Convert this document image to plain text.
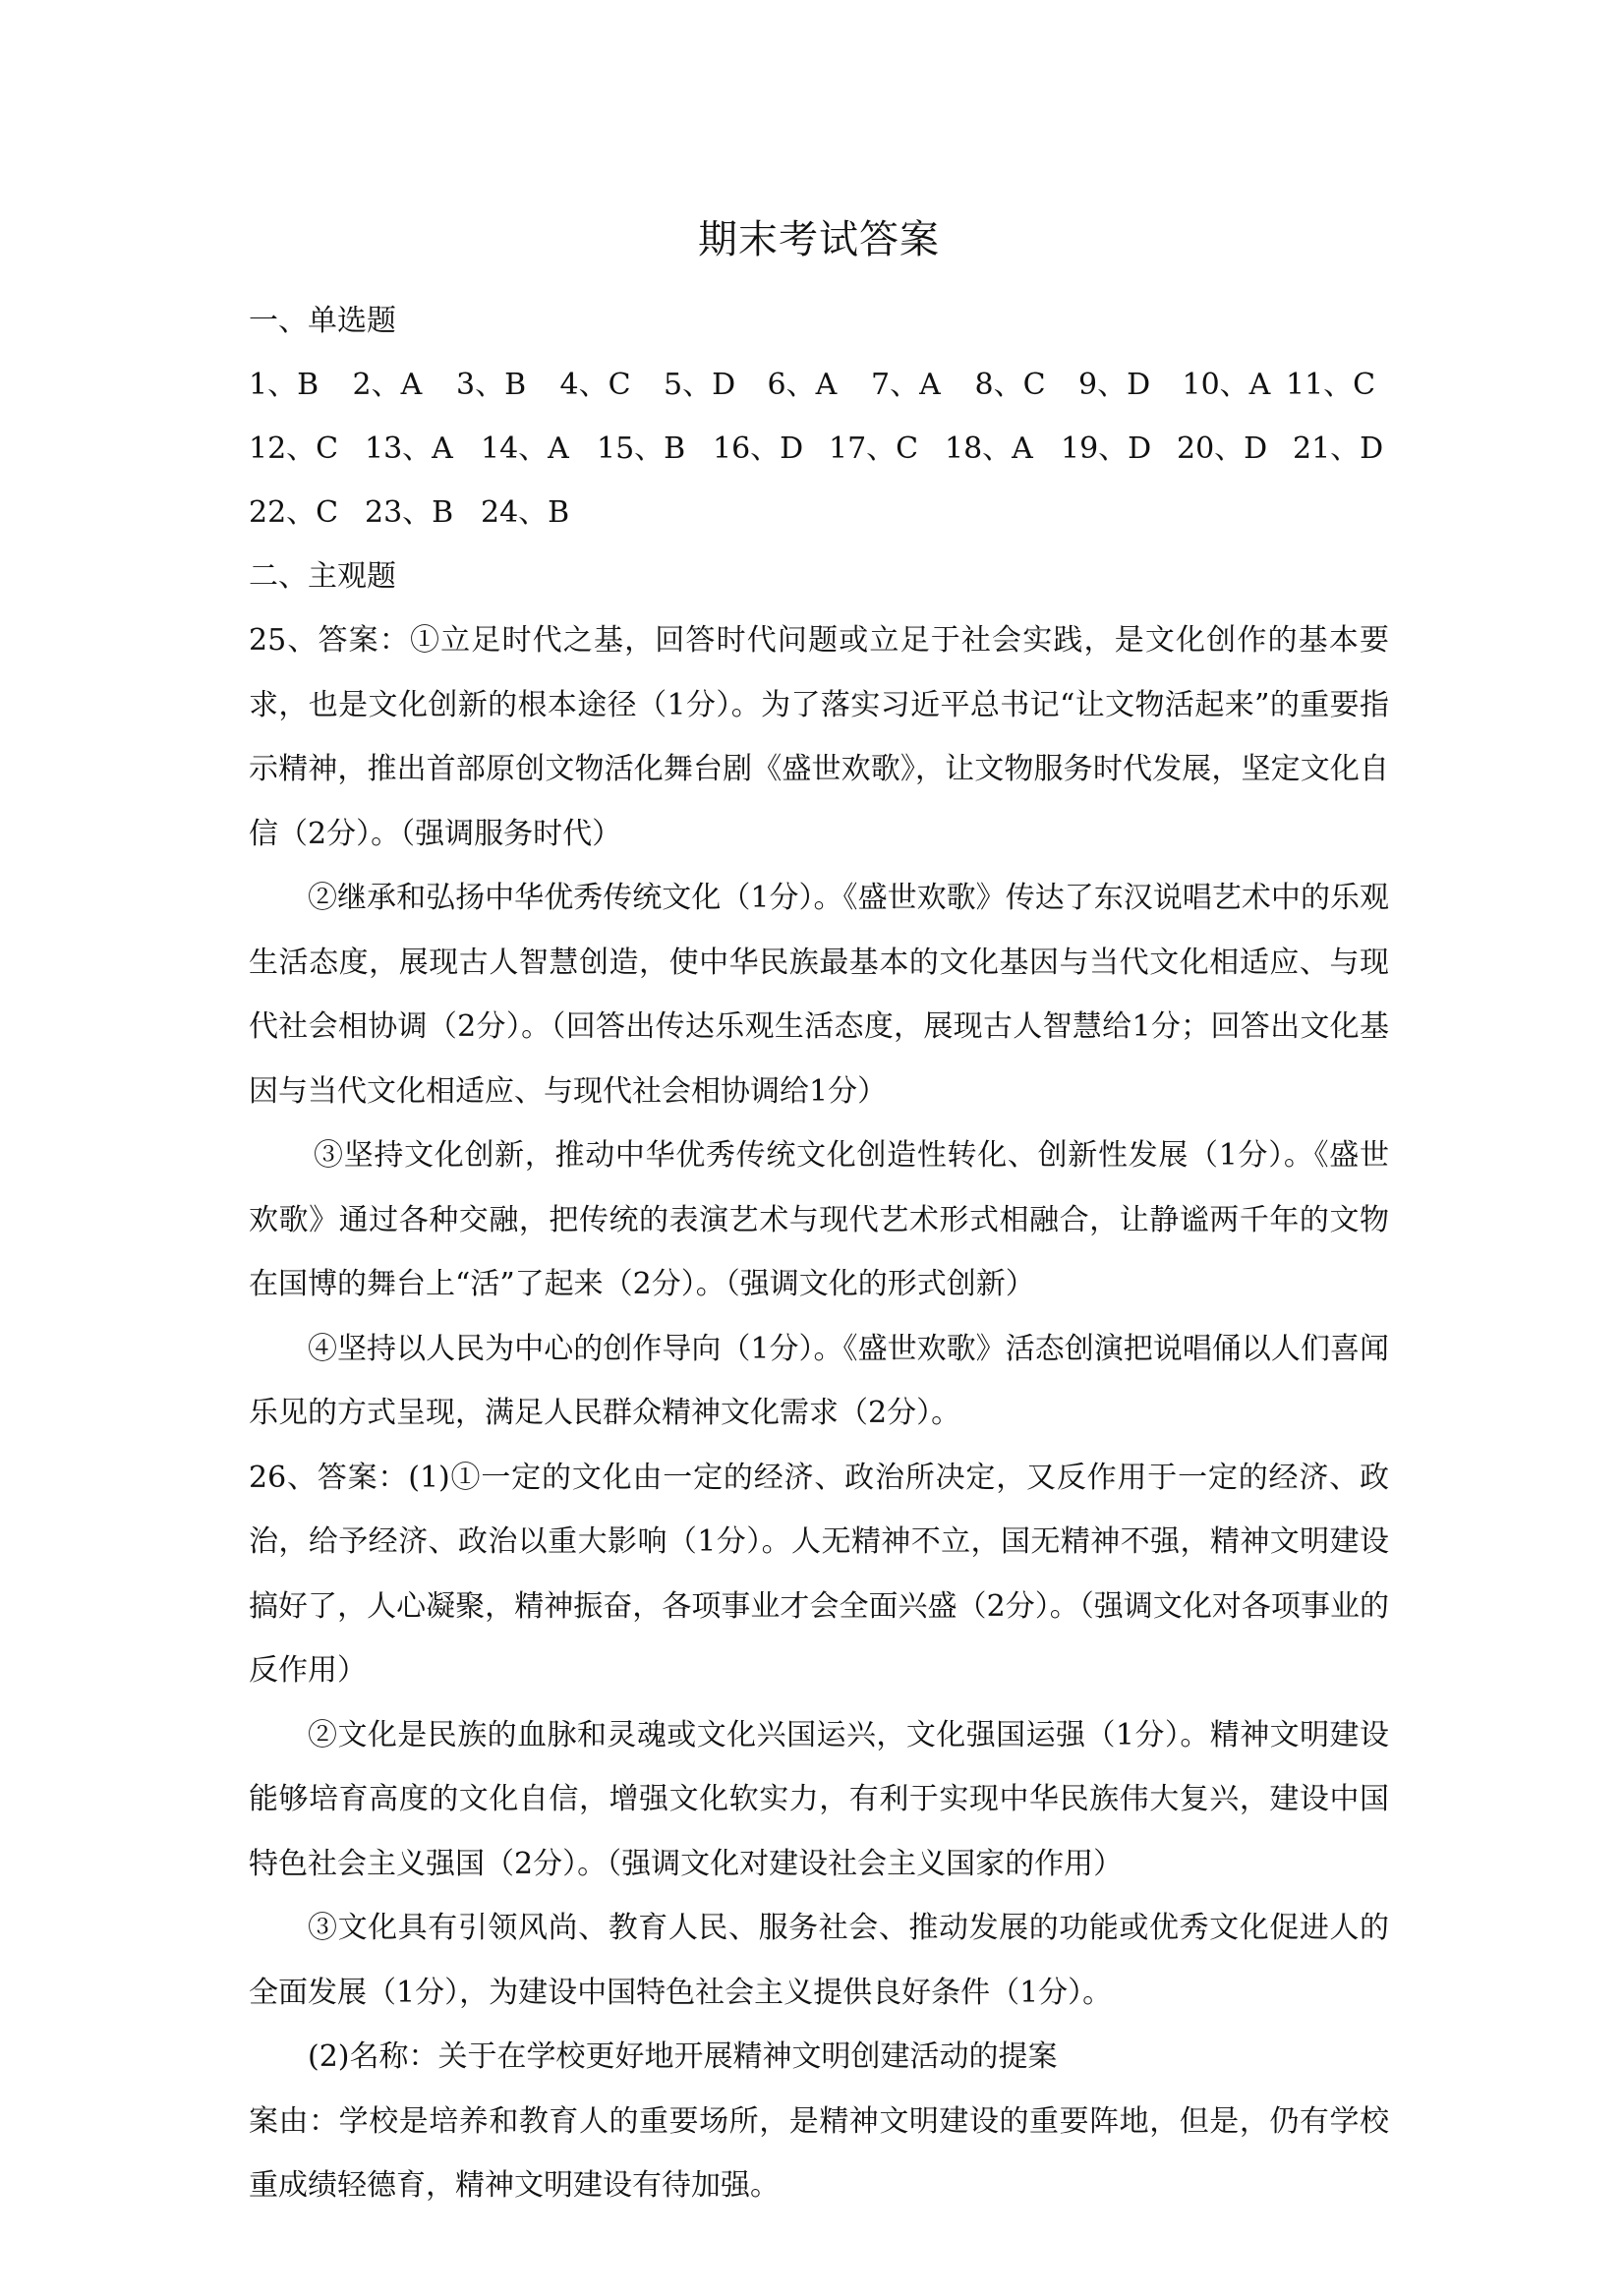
期末考试答案
一、单选题
1、B	2、A	3、B	4、C	5、D	6、A	7、A	8、C	9、D	10、A 11、C
12、C 13、A 14、A 15、B 16、D 17、C 18、A 19、D 20、D 21、D
22、C 23、B 24、B
二、主观题

25、答案：①立足时代之基，回答时代问题或立足于社会实践，是文化创作的基本要求，也是文化创新的根本途径（1分）。为了落实习近平总书记“让文物活起来”的重要指示精神，推出首部原创文物活化舞台剧《盛世欢歌》，让文物服务时代发展，坚定文化自信（2分）。（强调服务时代）

②继承和弘扬中华优秀传统文化（1分）。《盛世欢歌》传达了东汉说唱艺术中的乐观生活态度，展现古人智慧创造，使中华民族最基本的文化基因与当代文化相适应、与现代社会相协调（2分）。（回答出传达乐观生活态度，展现古人智慧给1分；回答出文化基因与当代文化相适应、与现代社会相协调给1分）

③坚持文化创新，推动中华优秀传统文化创造性转化、创新性发展（1分）。《盛世欢歌》通过各种交融，把传统的表演艺术与现代艺术形式相融合，让静谧两千年的文物在国博的舞台上“活”了起来（2分）。（强调文化的形式创新）

④坚持以人民为中心的创作导向（1分）。《盛世欢歌》活态创演把说唱俑以人们喜闻乐见的方式呈现，满足人民群众精神文化需求（2分）。

26、答案：(1)①一定的文化由一定的经济、政治所决定，又反作用于一定的经济、政治，给予经济、政治以重大影响（1分）。人无精神不立，国无精神不强，精神文明建设搞好了，人心凝聚，精神振奋，各项事业才会全面兴盛（2分）。（强调文化对各项事业的反作用）

②文化是民族的血脉和灵魂或文化兴国运兴，文化强国运强（1分）。精神文明建设能够培育高度的文化自信，增强文化软实力，有利于实现中华民族伟大复兴，建设中国特色社会主义强国（2分）。（强调文化对建设社会主义国家的作用）

③文化具有引领风尚、教育人民、服务社会、推动发展的功能或优秀文化促进人的全面发展（1分），为建设中国特色社会主义提供良好条件（1分）。

(2)名称：关于在学校更好地开展精神文明创建活动的提案

案由：学校是培养和教育人的重要场所，是精神文明建设的重要阵地，但是，仍有学校重成绩轻德育，精神文明建设有待加强。
